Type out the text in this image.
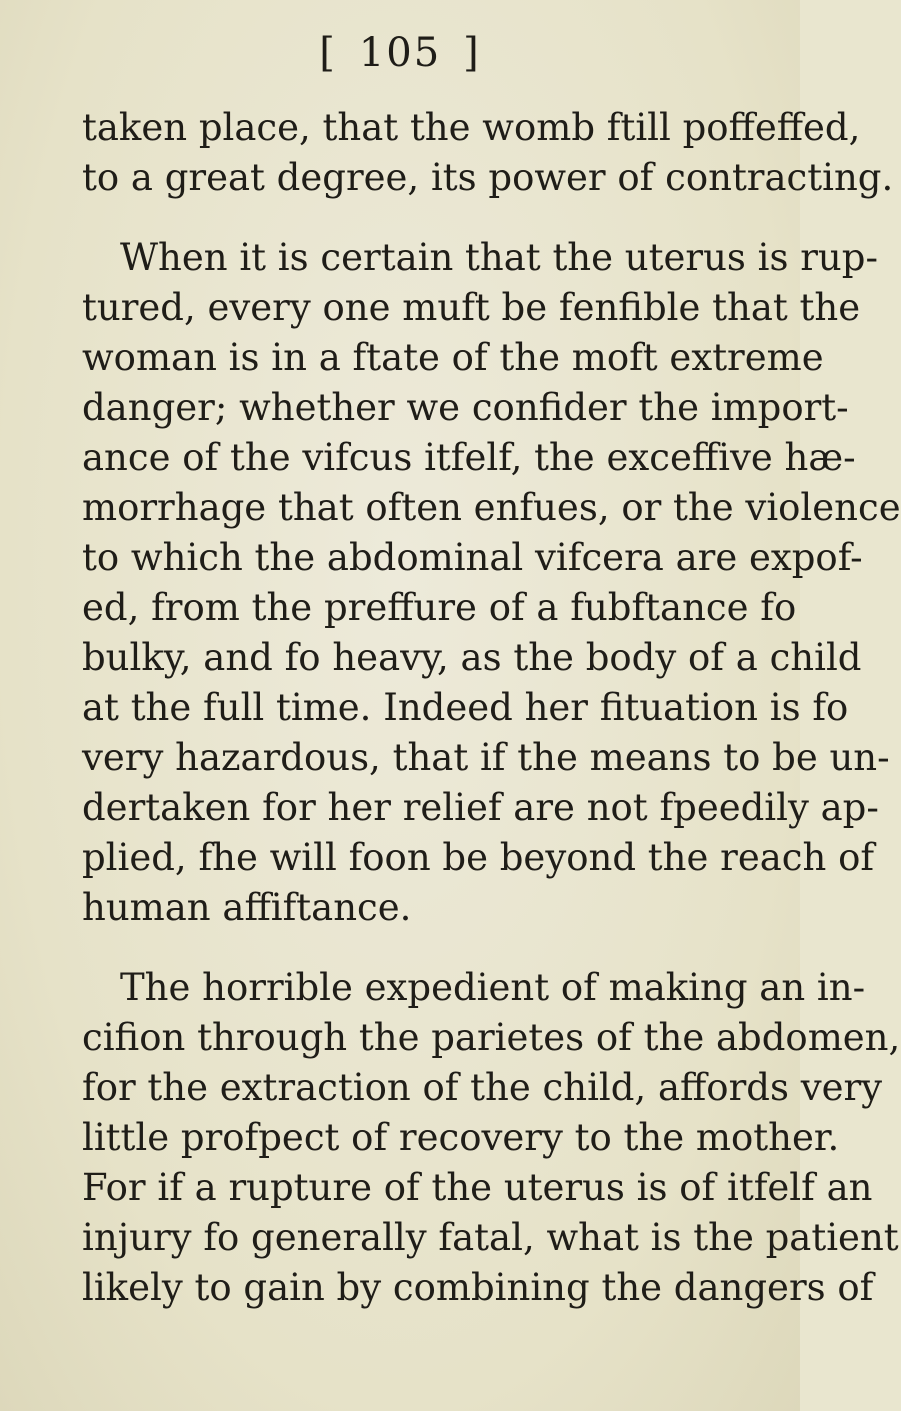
[ 105 ]
taken place, that the womb ftill poffeffed,
to a great degree, its power of contracting.
When it is certain that the uterus is rup-
tured, every one muft be fenfible that the
woman is in a ftate of the moft extreme
danger; whether we confider the import-
ance of the vifcus itfelf, the exceffive hæ-
morrhage that often enfues, or the violence
to which the abdominal vifcera are expof-
ed, from the preffure of a fubftance fo
bulky, and fo heavy, as the body of a child
at the full time. Indeed her fituation is fo
very hazardous, that if the means to be un-
dertaken for her relief are not fpeedily ap-
plied, fhe will foon be beyond the reach of
human affiftance.
The horrible expedient of making an in-
cifion through the parietes of the abdomen,
for the extraction of the child, affords very
little profpect of recovery to the mother.
For if a rupture of the uterus is of itfelf an
injury fo generally fatal, what is the patient
likely to gain by combining the dangers of
